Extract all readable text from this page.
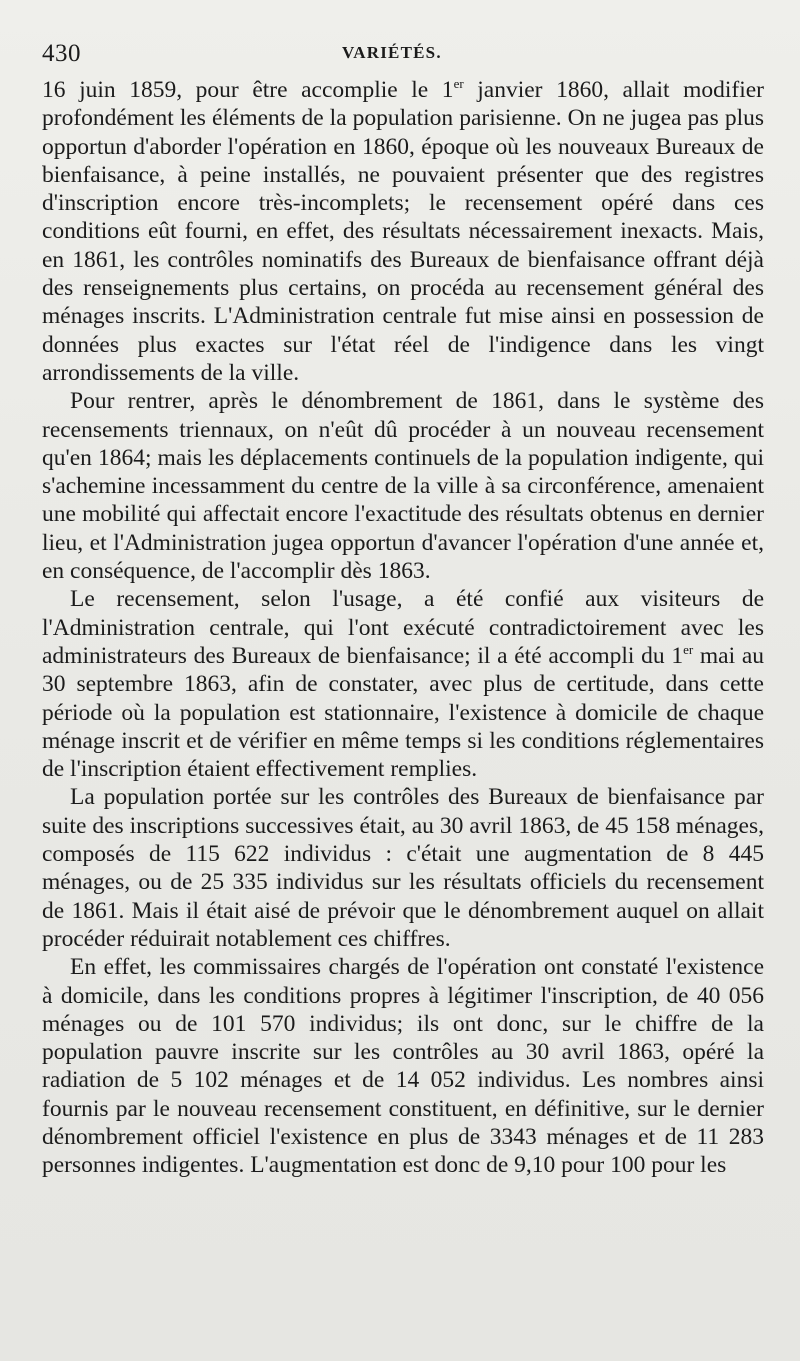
430	VARIÉTÉS.

16 juin 1859, pour être accomplie le 1er janvier 1860, allait modifier profondément les éléments de la population parisienne. On ne jugea pas plus opportun d'aborder l'opération en 1860, époque où les nouveaux Bureaux de bienfaisance, à peine installés, ne pouvaient présenter que des registres d'inscription encore très-incomplets; le recensement opéré dans ces conditions eût fourni, en effet, des résultats nécessairement inexacts. Mais, en 1861, les contrôles nominatifs des Bureaux de bienfaisance offrant déjà des renseignements plus certains, on procéda au recensement général des ménages inscrits. L'Administration centrale fut mise ainsi en possession de données plus exactes sur l'état réel de l'indigence dans les vingt arrondissements de la ville.

Pour rentrer, après le dénombrement de 1861, dans le système des recensements triennaux, on n'eût dû procéder à un nouveau recensement qu'en 1864; mais les déplacements continuels de la population indigente, qui s'achemine incessamment du centre de la ville à sa circonférence, amenaient une mobilité qui affectait encore l'exactitude des résultats obtenus en dernier lieu, et l'Administration jugea opportun d'avancer l'opération d'une année et, en conséquence, de l'accomplir dès 1863.

Le recensement, selon l'usage, a été confié aux visiteurs de l'Administration centrale, qui l'ont exécuté contradictoirement avec les administrateurs des Bureaux de bienfaisance; il a été accompli du 1er mai au 30 septembre 1863, afin de constater, avec plus de certitude, dans cette période où la population est stationnaire, l'existence à domicile de chaque ménage inscrit et de vérifier en même temps si les conditions réglementaires de l'inscription étaient effectivement remplies.

La population portée sur les contrôles des Bureaux de bienfaisance par suite des inscriptions successives était, au 30 avril 1863, de 45 158 ménages, composés de 115 622 individus : c'était une augmentation de 8 445 ménages, ou de 25 335 individus sur les résultats officiels du recensement de 1861. Mais il était aisé de prévoir que le dénombrement auquel on allait procéder réduirait notablement ces chiffres.

En effet, les commissaires chargés de l'opération ont constaté l'existence à domicile, dans les conditions propres à légitimer l'inscription, de 40 056 ménages ou de 101 570 individus; ils ont donc, sur le chiffre de la population pauvre inscrite sur les contrôles au 30 avril 1863, opéré la radiation de 5 102 ménages et de 14 052 individus. Les nombres ainsi fournis par le nouveau recensement constituent, en définitive, sur le dernier dénombrement officiel l'existence en plus de 3343 ménages et de 11 283 personnes indigentes. L'augmentation est donc de 9,10 pour 100 pour les
